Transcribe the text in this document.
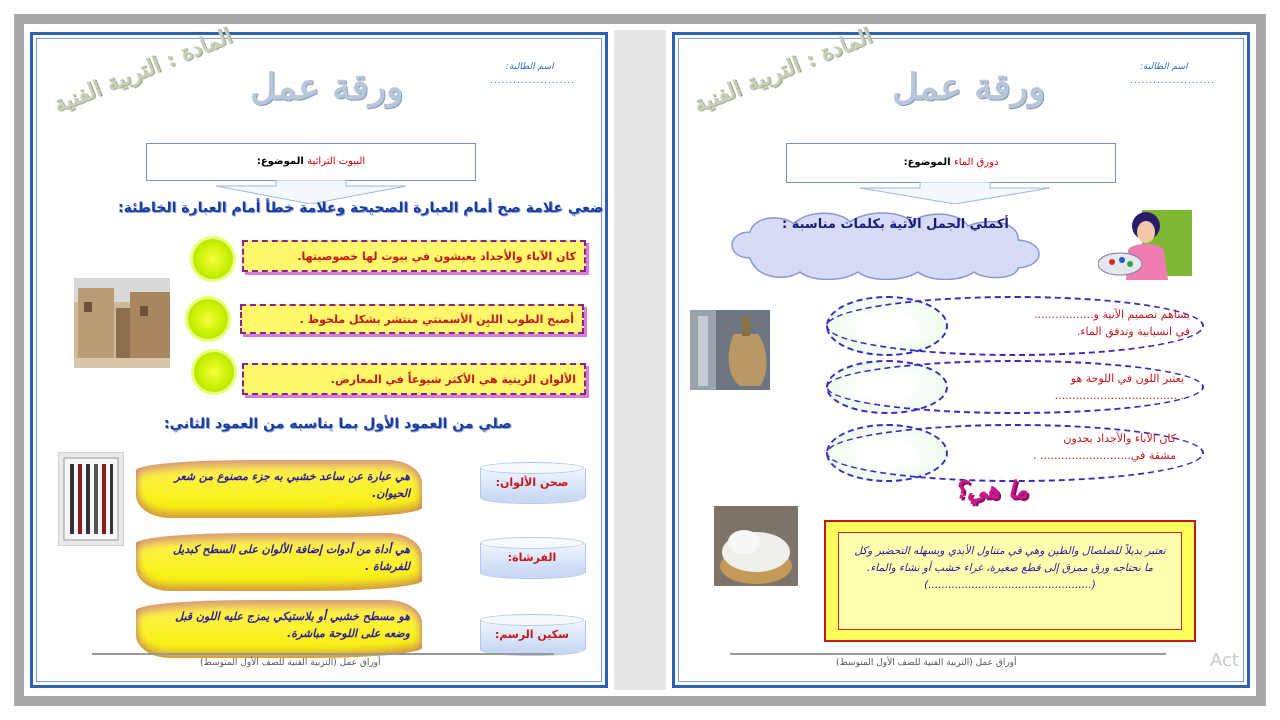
المادة : التربية الفنية ورقة عمل	اسم الطالبة:
......................
البيوت التراثية الموضوع:
ضعي علامة صح أمام العبارة الصحيحة وعلامة خطأ أمام العبارة الخاطئة:
كان الآباء والأجداد يعيشون في بيوت لها خصوصيتها.
أصبح الطوب اللبِن الأسمنتي منتشر بشكل ملحوظ .
الألوان الزيتية هي الأكثر شيوعاً في المعارض.
صلي من العمود الأول بما يناسبه من العمود الثاني:
هي عبارة عن ساعد خشبي به جزء مصنوع من شعر الحيوان.
هي أداة من أدوات إضافة الألوان على السطح كبديل للفرشاة .
هو مسطح خشبي أو بلاستيكي يمزج عليه اللون قبل وضعه على اللوحة مباشرة.
صحن الألوان:
الفرشاة:
سكين الرسم:
أوراق عمل (التربية الفنية للصف الأول المتوسط)
المادة : التربية الفنية ورقة عمل	اسم الطالبة:
......................
دورق الماء الموضوع:
أكملي الجمل الآتية بكلمات مناسبة :
يساهم تصميم الآنية و.................
في انسيابية وتدفق الماء.
يعتبر اللون في اللوحة هو
. ...................................
كان الآباء والأجداد يجدون
مشقة في.......................... .
ما هي؟
تعتبر بديلاً للصلصال والطين وهي في متناول الأيدي ويسهله التحضير وكل ما نحتاجه ورق ممزق إلى قطع صغيرة، غراء خشب أو نشاء والماء.
(.................................................)
أوراق عمل (التربية الفنية للصف الأول المتوسط)	Act
